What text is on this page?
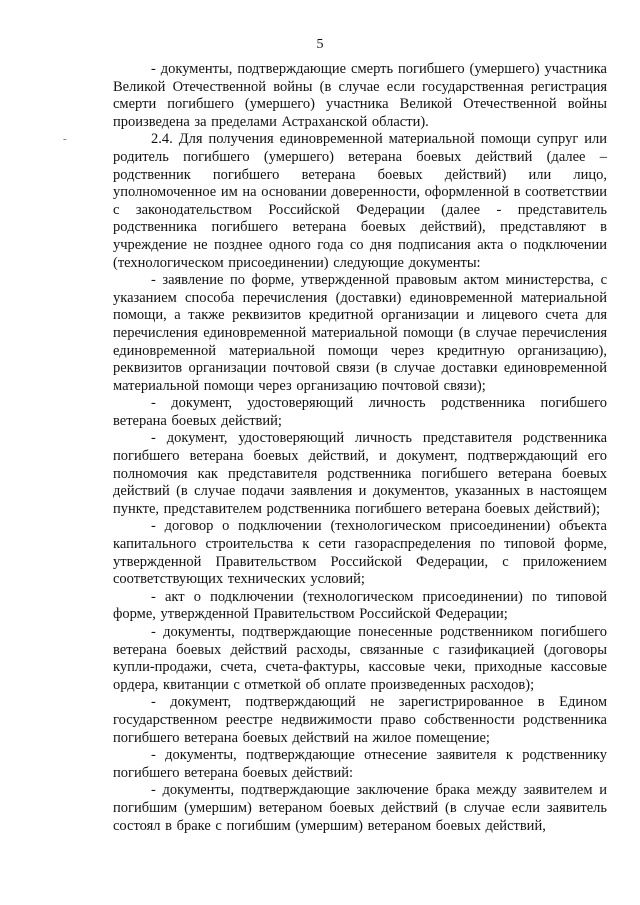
5
-

- документы, подтверждающие смерть погибшего (умершего) участника Великой Отечественной войны (в случае если государственная регистрация смерти погибшего (умершего) участника Великой Отечественной войны произведена за пределами Астраханской области).

2.4. Для получения единовременной материальной помощи супруг или родитель погибшего (умершего) ветерана боевых действий (далее – родственник погибшего ветерана боевых действий) или лицо, уполномоченное им на основании доверенности, оформленной в соответствии с законодательством Российской Федерации (далее - представитель родственника погибшего ветерана боевых действий), представляют в учреждение не позднее одного года со дня подписания акта о подключении (технологическом присоединении) следующие документы:

- заявление по форме, утвержденной правовым актом министерства, с указанием способа перечисления (доставки) единовременной материальной помощи, а также реквизитов кредитной организации и лицевого счета для перечисления единовременной материальной помощи (в случае перечисления единовременной материальной помощи через кредитную организацию), реквизитов организации почтовой связи (в случае доставки единовременной материальной помощи через организацию почтовой связи);

- документ, удостоверяющий личность родственника погибшего ветерана боевых действий;

- документ, удостоверяющий личность представителя родственника погибшего ветерана боевых действий, и документ, подтверждающий его полномочия как представителя родственника погибшего ветерана боевых действий (в случае подачи заявления и документов, указанных в настоящем пункте, представителем родственника погибшего ветерана боевых действий);

- договор о подключении (технологическом присоединении) объекта капитального строительства к сети газораспределения по типовой форме, утвержденной Правительством Российской Федерации, с приложением соответствующих технических условий;

- акт о подключении (технологическом присоединении) по типовой форме, утвержденной Правительством Российской Федерации;

- документы, подтверждающие понесенные родственником погибшего ветерана боевых действий расходы, связанные с газификацией (договоры купли-продажи, счета, счета-фактуры, кассовые чеки, приходные кассовые ордера, квитанции с отметкой об оплате произведенных расходов);

- документ, подтверждающий не зарегистрированное в Едином государственном реестре недвижимости право собственности родственника погибшего ветерана боевых действий на жилое помещение;

- документы, подтверждающие отнесение заявителя к родственнику погибшего ветерана боевых действий:

- документы, подтверждающие заключение брака между заявителем и погибшим (умершим) ветераном боевых действий (в случае если заявитель состоял в браке с погибшим (умершим) ветераном боевых действий,
